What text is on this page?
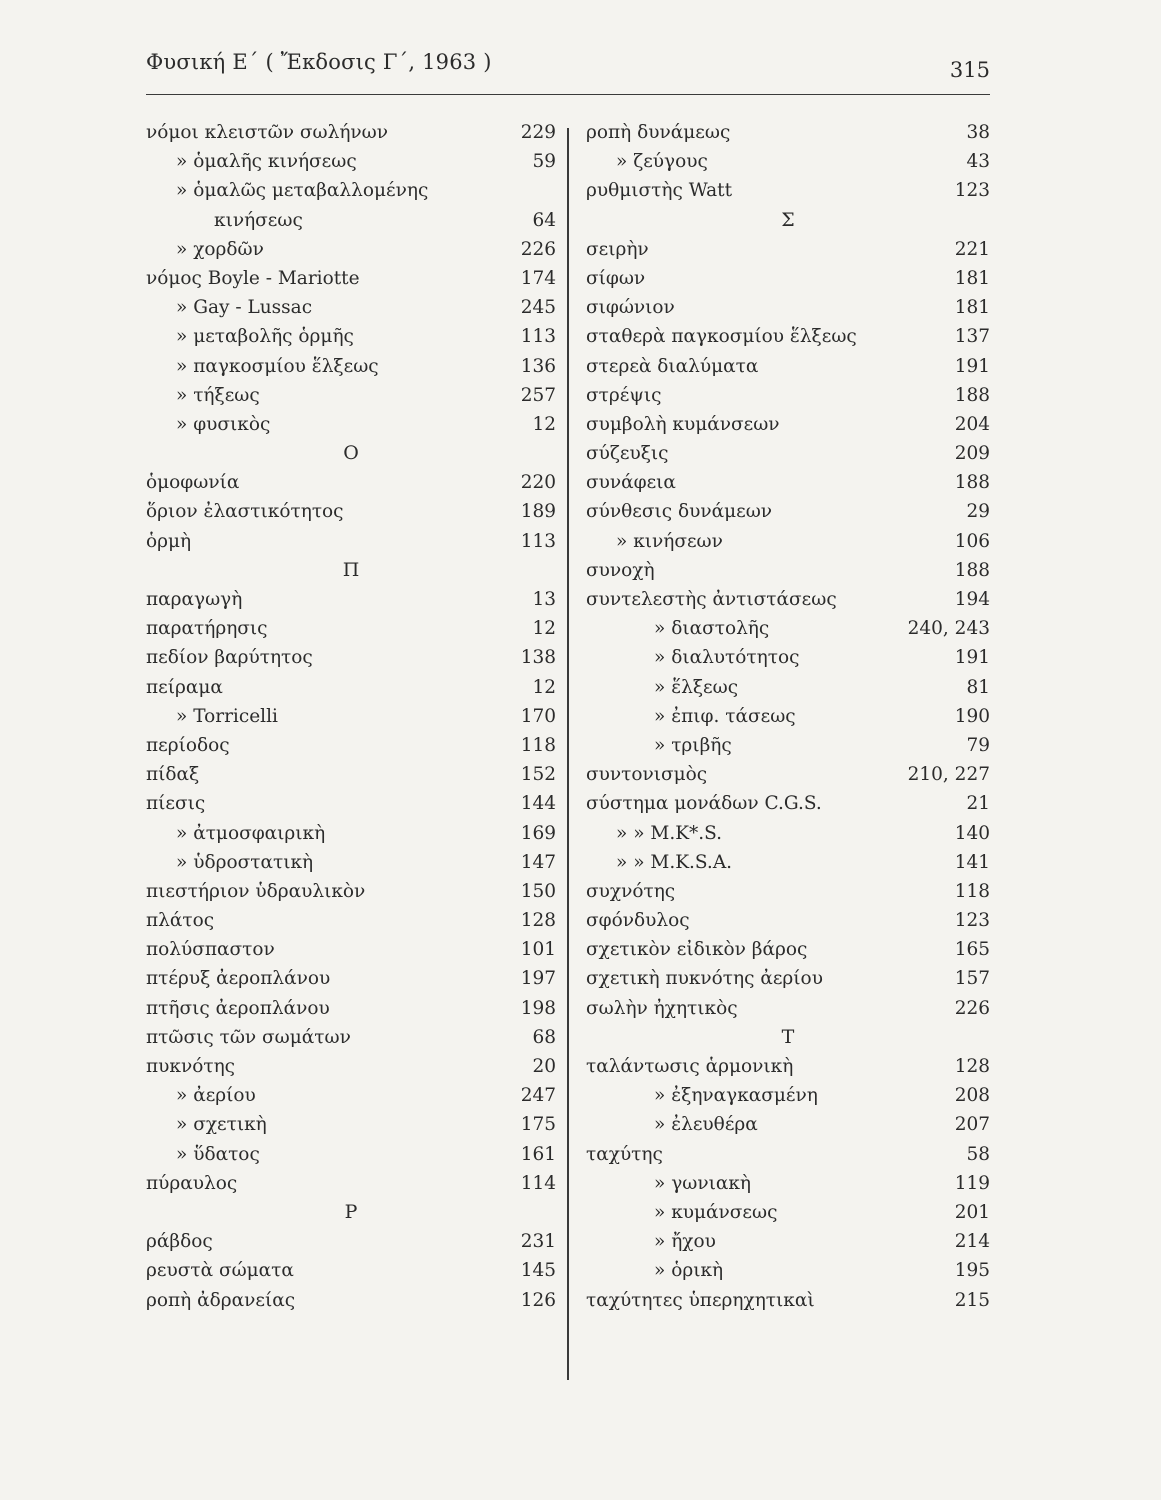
Φυσική Ε΄ ( Ἔκδοσις Γ΄, 1963 )	315
νόμοι κλειστῶν σωλήνων	229
» ὁμαλῆς κινήσεως	59
» ὁμαλῶς μεταβαλλομένης
κινήσεως	64
» χορδῶν	226
νόμος Boyle - Mariotte	174
» Gay - Lussac	245
» μεταβολῆς ὁρμῆς	113
» παγκοσμίου ἕλξεως	136
» τήξεως	257
» φυσικὸς	12
Ο
ὁμοφωνία	220
ὅριον ἐλαστικότητος	189
ὁρμὴ	113
Π
παραγωγὴ	13
παρατήρησις	12
πεδίον βαρύτητος	138
πείραμα	12
» Torricelli	170
περίοδος	118
πίδαξ	152
πίεσις	144
» ἀτμοσφαιρικὴ	169
» ὑδροστατικὴ	147
πιεστήριον ὑδραυλικὸν	150
πλάτος	128
πολύσπαστον	101
πτέρυξ ἀεροπλάνου	197
πτῆσις ἀεροπλάνου	198
πτῶσις τῶν σωμάτων	68
πυκνότης	20
» ἀερίου	247
» σχετικὴ	175
» ὕδατος	161
πύραυλος	114
Ρ
ράβδος	231
ρευστὰ σώματα	145
ροπὴ ἀδρανείας	126
ροπὴ δυνάμεως	38
» ζεύγους	43
ρυθμιστὴς Watt	123
Σ
σειρὴν	221
σίφων	181
σιφώνιον	181
σταθερὰ παγκοσμίου ἕλξεως	137
στερεὰ διαλύματα	191
στρέψις	188
συμβολὴ κυμάνσεων	204
σύζευξις	209
συνάφεια	188
σύνθεσις δυνάμεων	29
» κινήσεων	106
συνοχὴ	188
συντελεστὴς ἀντιστάσεως	194
» διαστολῆς	240, 243
» διαλυτότητος	191
» ἕλξεως	81
» ἐπιφ. τάσεως	190
» τριβῆς	79
συντονισμὸς	210, 227
σύστημα μονάδων C.G.S.	21
» » M.K*.S.	140
» » M.K.S.A.	141
συχνότης	118
σφόνδυλος	123
σχετικὸν εἰδικὸν βάρος	165
σχετικὴ πυκνότης ἀερίου	157
σωλὴν ἠχητικὸς	226
Τ
ταλάντωσις ἁρμονικὴ	128
» ἐξηναγκασμένη	208
» ἐλευθέρα	207
ταχύτης	58
» γωνιακὴ	119
» κυμάνσεως	201
» ἤχου	214
» ὁρικὴ	195
ταχύτητες ὑπερηχητικαὶ	215
